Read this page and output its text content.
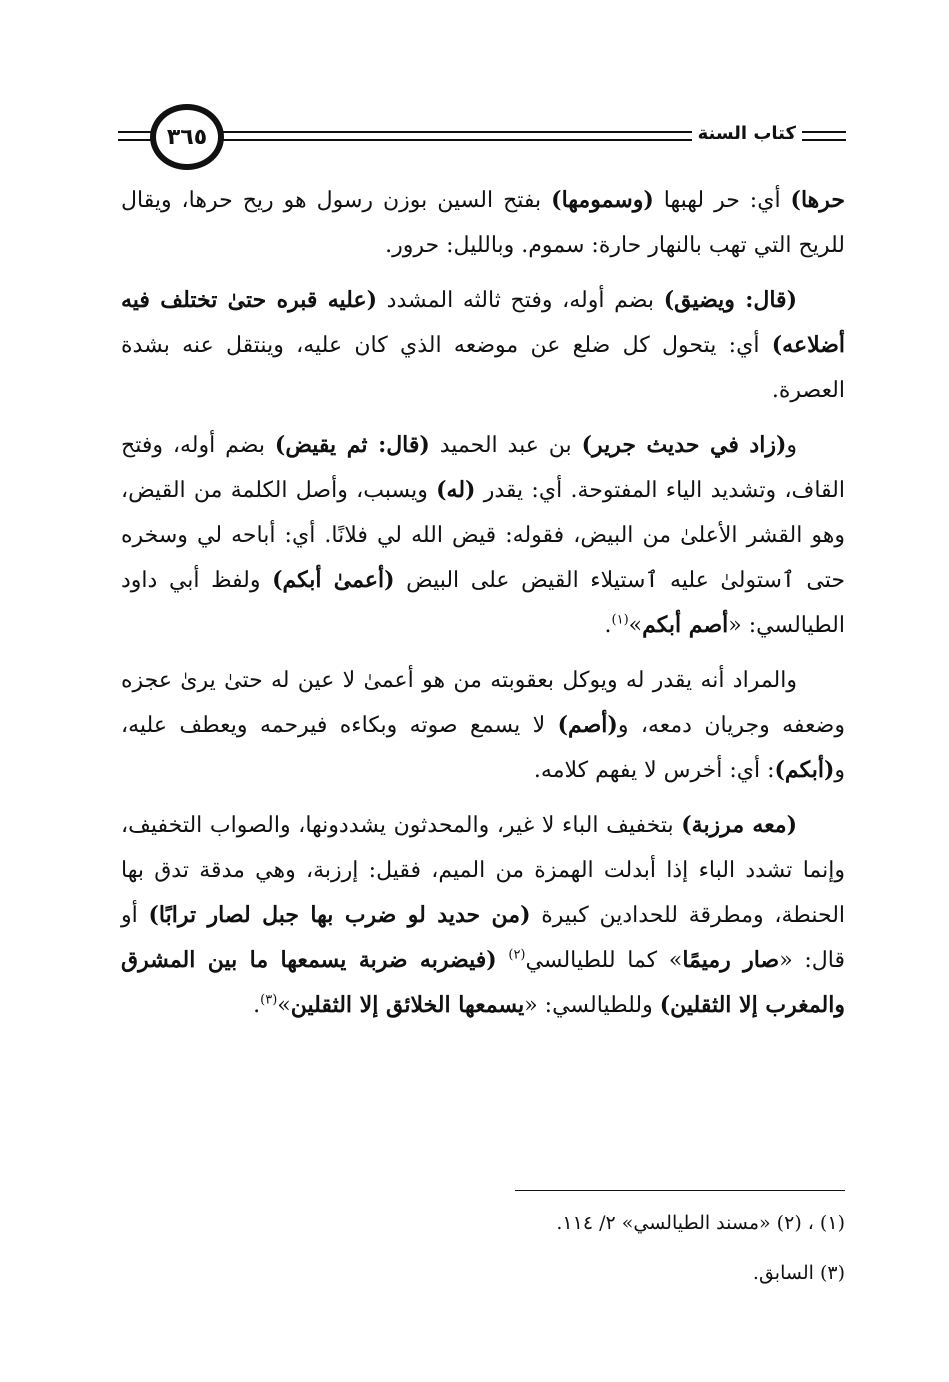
كتاب السنة
٣٦٥

حرها) أي: حر لهبها (وسمومها) بفتح السين بوزن رسول هو ريح حرها، ويقال للريح التي تهب بالنهار حارة: سموم. وبالليل: حرور.

(قال: ويضيق) بضم أوله، وفتح ثالثه المشدد (عليه قبره حتىٰ تختلف فيه أضلاعه) أي: يتحول كل ضلع عن موضعه الذي كان عليه، وينتقل عنه بشدة العصرة.

و(زاد في حديث جرير) بن عبد الحميد (قال: ثم يقيض) بضم أوله، وفتح القاف، وتشديد الياء المفتوحة. أي: يقدر (له) ويسبب، وأصل الكلمة من القيض، وهو القشر الأعلىٰ من البيض، فقوله: قيض الله لي فلانًا. أي: أباحه لي وسخره حتى ٱستولىٰ عليه ٱستيلاء القيض على البيض (أعمىٰ أبكم) ولفظ أبي داود الطيالسي: «أصم أبكم»$^{(١)}$.

والمراد أنه يقدر له ويوكل بعقوبته من هو أعمىٰ لا عين له حتىٰ يرىٰ عجزه وضعفه وجريان دمعه، و(أصم) لا يسمع صوته وبكاءه فيرحمه ويعطف عليه، و(أبكم): أي: أخرس لا يفهم كلامه.

(معه مرزبة) بتخفيف الباء لا غير، والمحدثون يشددونها، والصواب التخفيف، وإنما تشدد الباء إذا أبدلت الهمزة من الميم، فقيل: إرزبة، وهي مدقة تدق بها الحنطة، ومطرقة للحدادين كبيرة (من حديد لو ضرب بها جبل لصار ترابًا) أو قال: «صار رميمًا» كما للطيالسي$^{(٢)}$ (فيضربه ضربة يسمعها ما بين المشرق والمغرب إلا الثقلين) وللطيالسي: «يسمعها الخلائق إلا الثقلين»$^{(٣)}$.

(١) ، (٢) «مسند الطيالسي» ٢/ ١١٤.
(٣) السابق.
